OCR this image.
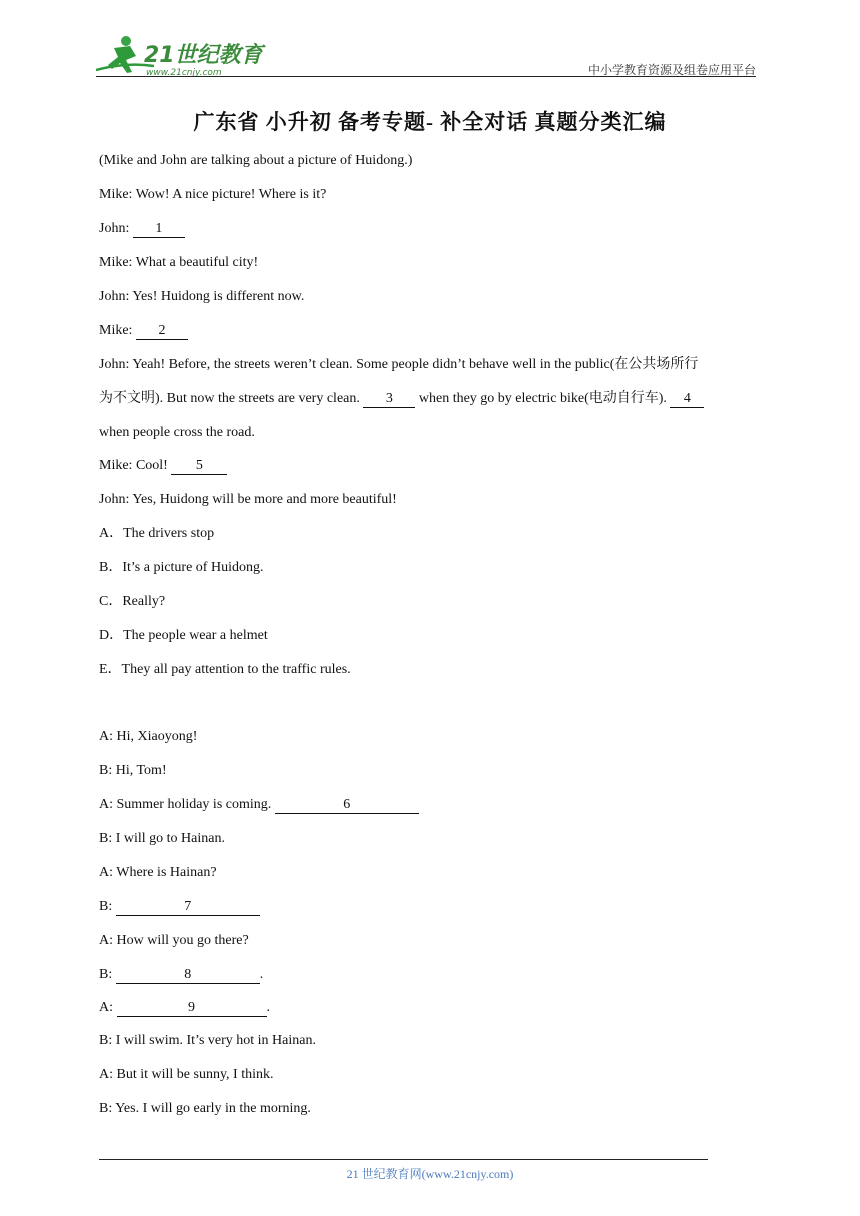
21世纪教育
www.21cnjy.com	中小学教育资源及组卷应用平台
广东省 小升初 备考专题- 补全对话 真题分类汇编
(Mike and John are talking about a picture of Huidong.)
Mike: Wow! A nice picture! Where is it?
John: 1
Mike: What a beautiful city!
John: Yes! Huidong is different now.
Mike: 2
John: Yeah! Before, the streets weren’t clean. Some people didn’t behave well in the public(在公共场所行
为不文明). But now the streets are very clean. 3 when they go by electric bike(电动自行车). 4
when people cross the road.
Mike: Cool! 5
John: Yes, Huidong will be more and more beautiful!
A．The drivers stop
B．It’s a picture of Huidong.
C．Really?
D．The people wear a helmet
E．They all pay attention to the traffic rules.
A: Hi, Xiaoyong!
B: Hi, Tom!
A: Summer holiday is coming.	6
B: I will go to Hainan.
A: Where is Hainan?
B:	7
A: How will you go there?
B:	8	.
A:	9	.
B: I will swim. It’s very hot in Hainan.
A: But it will be sunny, I think.
B: Yes. I will go early in the morning.
21 世纪教育网(www.21cnjy.com)
